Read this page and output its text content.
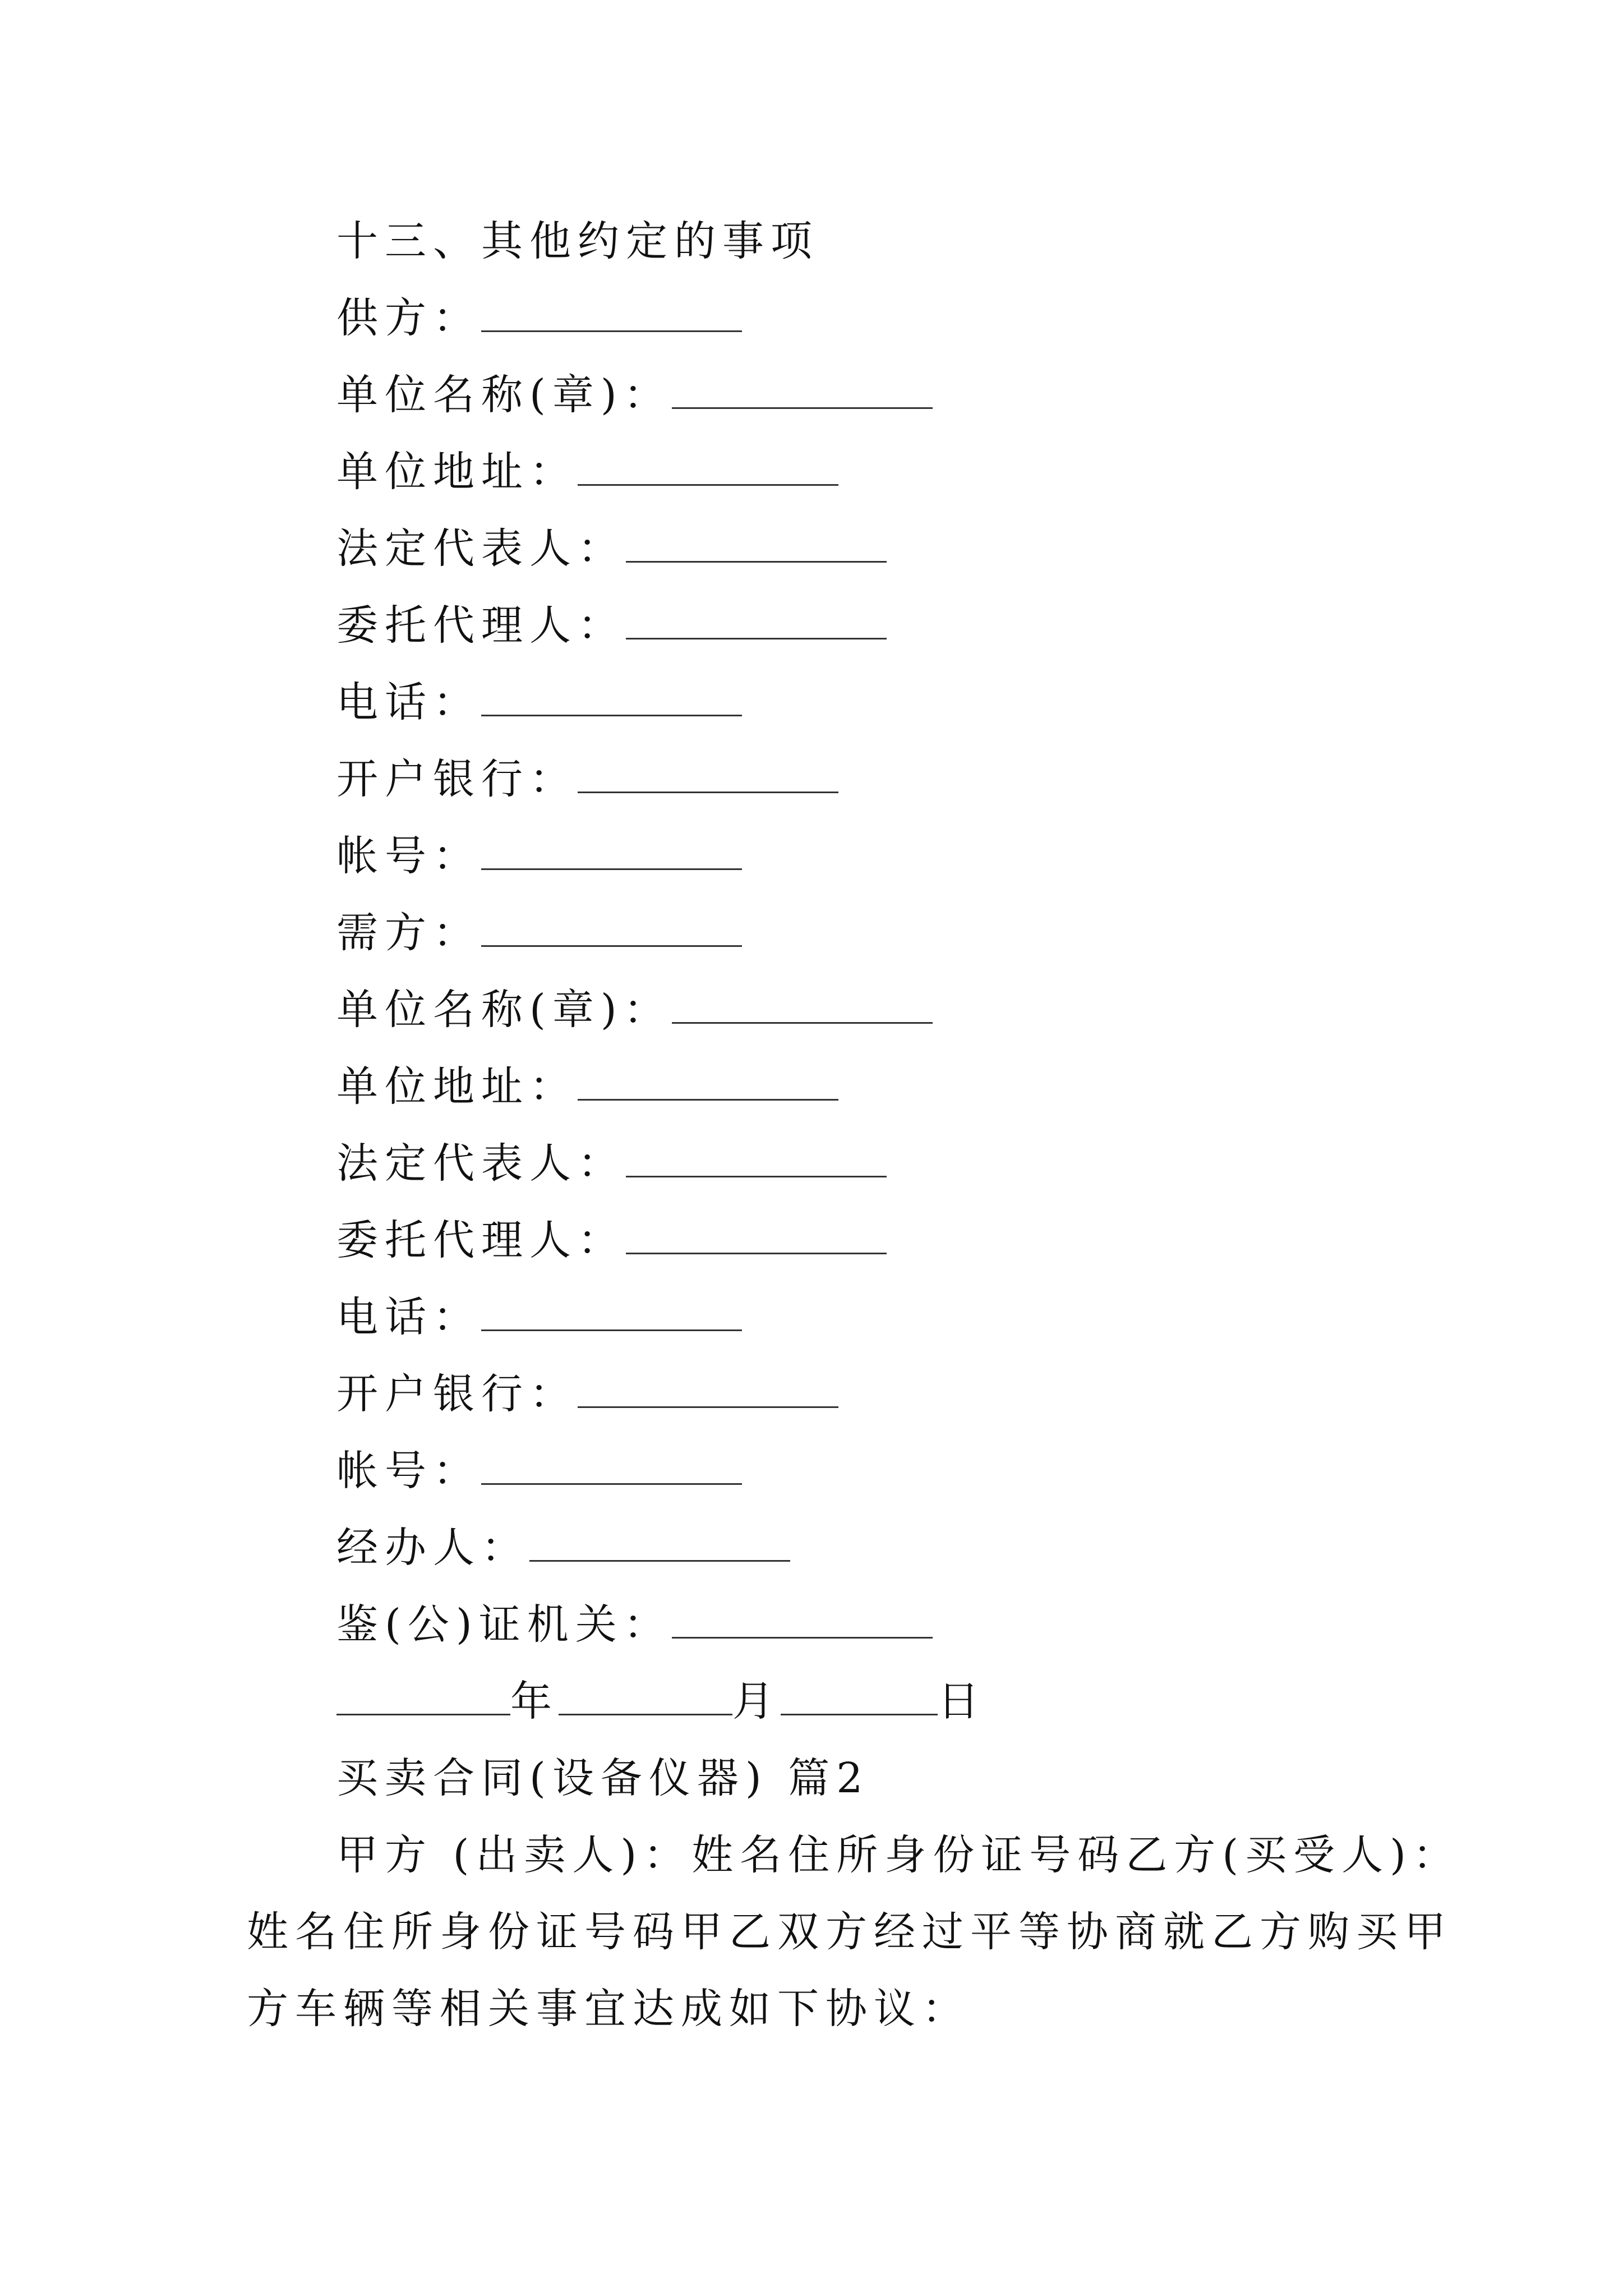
十三、其他约定的事项
供方：
单位名称(章)：
单位地址：
法定代表人：
委托代理人：
电话：
开户银行：
帐号：
需方：
单位名称(章)：
单位地址：
法定代表人：
委托代理人：
电话：
开户银行：
帐号：
经办人：
鉴(公)证机关：
年	月	日
买卖合同(设备仪器) 篇2
甲方 (出卖人)：姓名住所身份证号码乙方(买受人)：
姓名住所身份证号码甲乙双方经过平等协商就乙方购买甲
方车辆等相关事宜达成如下协议：
